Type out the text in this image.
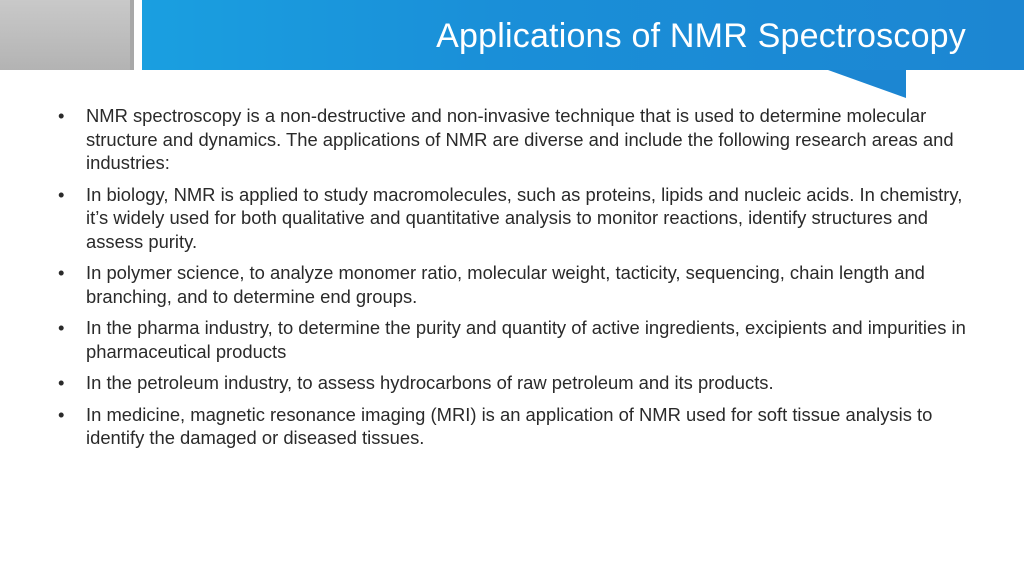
Applications of NMR Spectroscopy
• NMR spectroscopy is a non-destructive and non-invasive technique that is used to determine molecular structure and dynamics. The applications of NMR are diverse and include the following research areas and industries:
• In biology, NMR is applied to study macromolecules, such as proteins, lipids and nucleic acids. In chemistry, it’s widely used for both qualitative and quantitative analysis to monitor reactions, identify structures and assess purity.
• In polymer science, to analyze monomer ratio, molecular weight, tacticity, sequencing, chain length and branching, and to determine end groups.
• In the pharma industry, to determine the purity and quantity of active ingredients, excipients and impurities in pharmaceutical products
• In the petroleum industry, to assess hydrocarbons of raw petroleum and its products.
• In medicine, magnetic resonance imaging (MRI) is an application of NMR used for soft tissue analysis to identify the damaged or diseased tissues.
